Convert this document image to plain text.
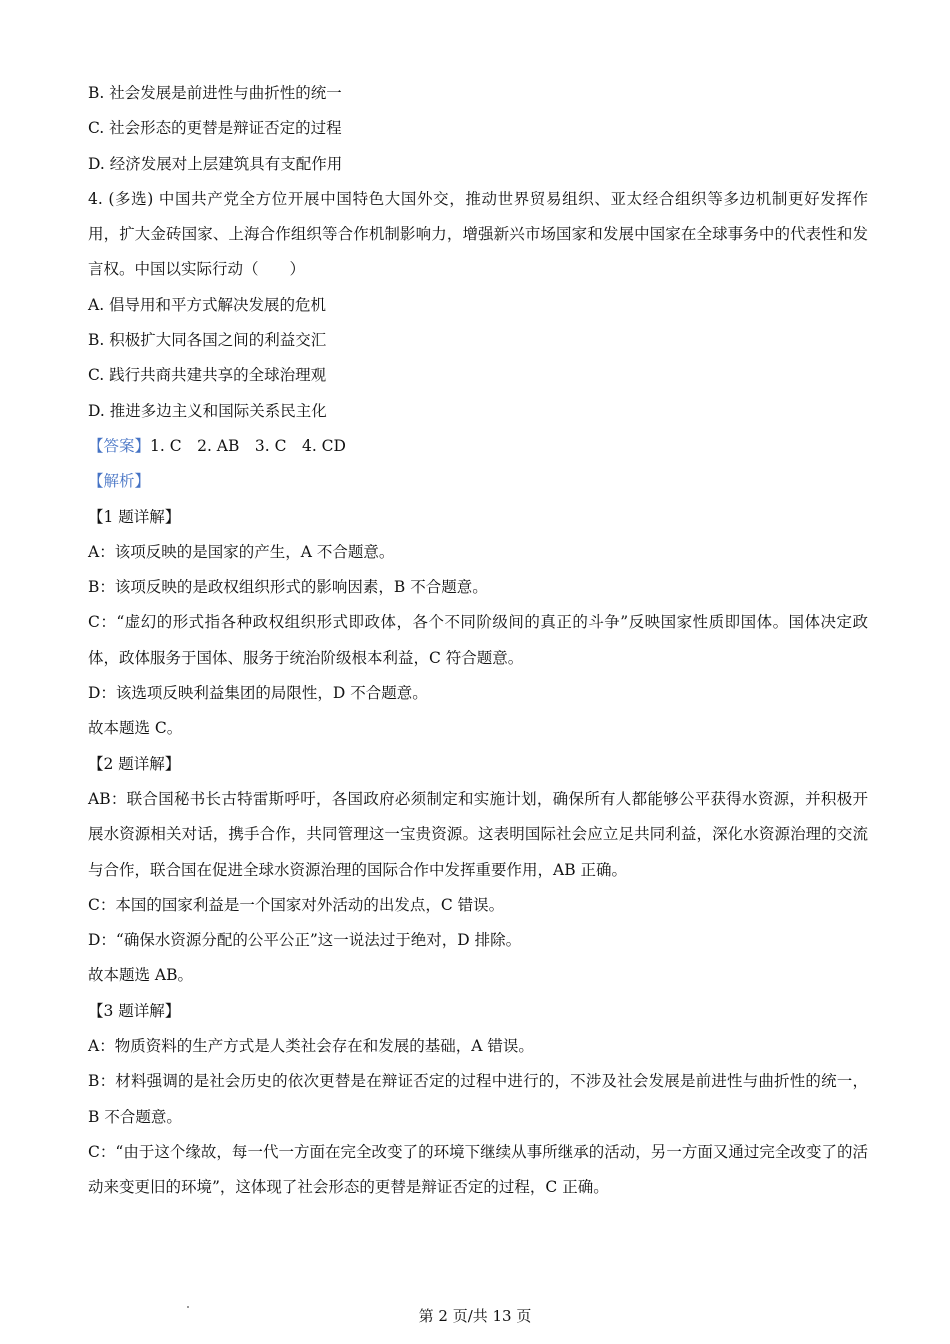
B. 社会发展是前进性与曲折性的统一

C. 社会形态的更替是辩证否定的过程

D. 经济发展对上层建筑具有支配作用

4. (多选) 中国共产党全方位开展中国特色大国外交，推动世界贸易组织、亚太经合组织等多边机制更好发挥作用，扩大金砖国家、上海合作组织等合作机制影响力，增强新兴市场国家和发展中国家在全球事务中的代表性和发言权。中国以实际行动（　　）

A. 倡导用和平方式解决发展的危机

B. 积极扩大同各国之间的利益交汇

C. 践行共商共建共享的全球治理观

D. 推进多边主义和国际关系民主化

【答案】1. C　2. AB　3. C　4. CD

【解析】

【1 题详解】

A：该项反映的是国家的产生，A 不合题意。

B：该项反映的是政权组织形式的影响因素，B 不合题意。

C：“虚幻的形式指各种政权组织形式即政体，各个不同阶级间的真正的斗争”反映国家性质即国体。国体决定政体，政体服务于国体、服务于统治阶级根本利益，C 符合题意。

D：该选项反映利益集团的局限性，D 不合题意。

故本题选 C。

【2 题详解】

AB：联合国秘书长古特雷斯呼吁，各国政府必须制定和实施计划，确保所有人都能够公平获得水资源，并积极开展水资源相关对话，携手合作，共同管理这一宝贵资源。这表明国际社会应立足共同利益，深化水资源治理的交流与合作，联合国在促进全球水资源治理的国际合作中发挥重要作用，AB 正确。

C：本国的国家利益是一个国家对外活动的出发点，C 错误。

D：“确保水资源分配的公平公正”这一说法过于绝对，D 排除。

故本题选 AB。

【3 题详解】

A：物质资料的生产方式是人类社会存在和发展的基础，A 错误。

B：材料强调的是社会历史的依次更替是在辩证否定的过程中进行的，不涉及社会发展是前进性与曲折性的统一，B 不合题意。

C：“由于这个缘故，每一代一方面在完全改变了的环境下继续从事所继承的活动，另一方面又通过完全改变了的活动来变更旧的环境”，这体现了社会形态的更替是辩证否定的过程，C 正确。

第 2 页/共 13 页
